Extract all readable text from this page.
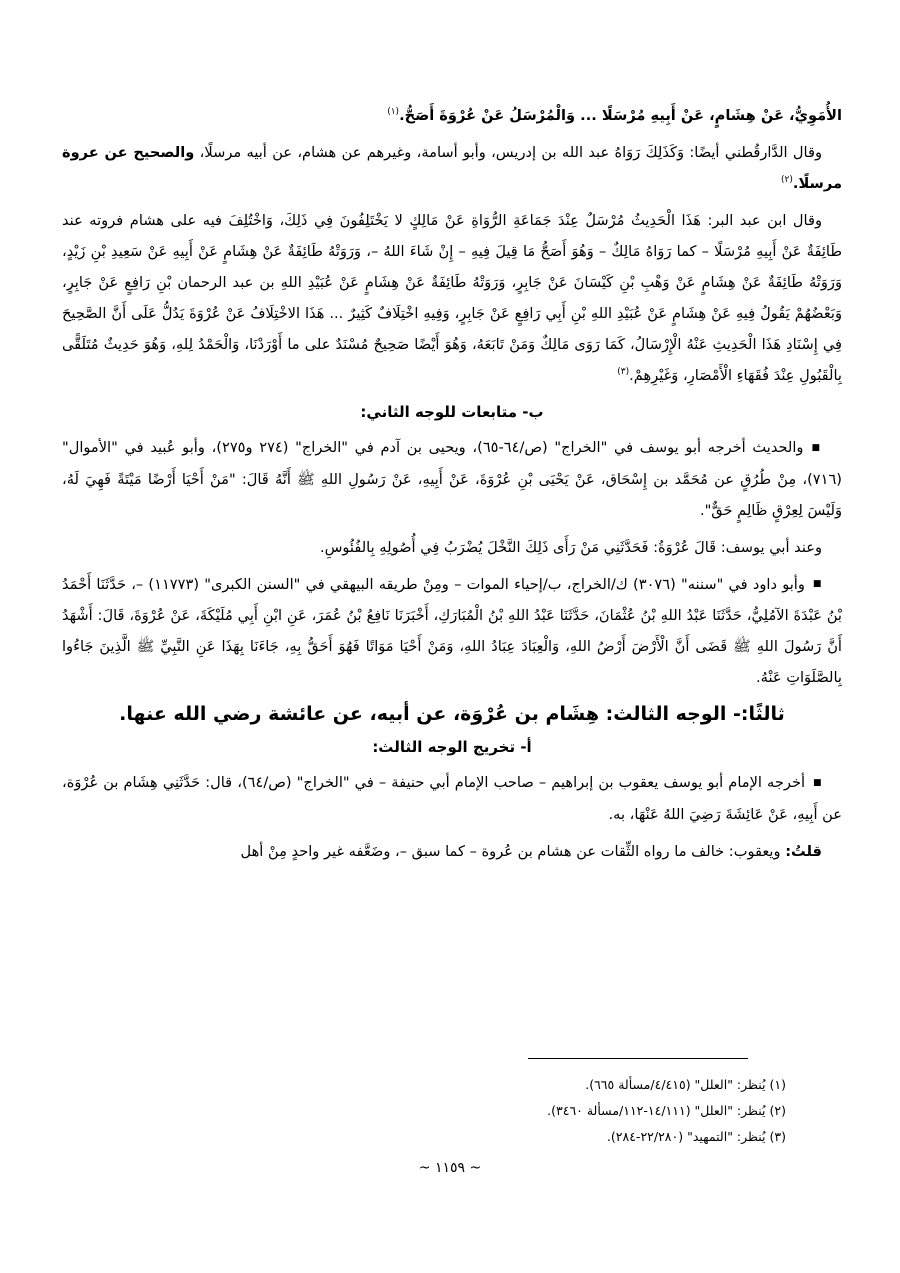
الأُمَوِيُّ، عَنْ هِشَامٍ، عَنْ أَبِيهِ مُرْسَلًا ... وَالْمُرْسَلُ عَنْ عُرْوَةَ أَصَحُّ.$^{(١)}$

وقال الدَّارقُطني أيضًا: وَكَذَلِكَ رَوَاهُ عبد الله بن إدريس، وأبو أسامة، وغيرهم عن هشام، عن أبيه مرسلًا، والصحيح عن عروة مرسلًا.$^{(٢)}$

وقال ابن عبد البر: هَذَا الْحَدِيثُ مُرْسَلٌ عِنْدَ جَمَاعَةِ الرُّوَاةِ عَنْ مَالِكٍ لا يَخْتَلِفُونَ فِي ذَلِكَ، وَاخْتُلِفَ فيه على هشام فروته عند طَائِفَةٌ عَنْ أَبِيهِ مُرْسَلًا – كما رَوَاهُ مَالِكٌ – وَهُوَ أَصَحُّ مَا قِيلَ فِيهِ – إِنْ شَاءَ اللهُ –، وَرَوَتْهُ طَائِفَةٌ عَنْ هِشَامٍ عَنْ أَبِيهِ عَنْ سَعِيدِ بْنِ زَيْدٍ، وَرَوَتْهُ طَائِفَةٌ عَنْ هِشَامٍ عَنْ وَهْبِ بْنِ كَيْسَانَ عَنْ جَابِرٍ، وَرَوَتْهُ طَائِفَةٌ عَنْ هِشَامٍ عَنْ عُبَيْدِ اللهِ بن عبد الرحمان بْنِ رَافِعٍ عَنْ جَابِرٍ، وَبَعْضُهُمْ يَقُولُ فِيهِ عَنْ هِشَامٍ عَنْ عُبَيْدِ اللهِ بْنِ أَبِي رَافِعٍ عَنْ جَابِرٍ، وَفِيهِ اخْتِلَافٌ كَثِيرٌ ... هَذَا الاخْتِلَافُ عَنْ عُرْوَةَ يَدُلُّ عَلَى أَنَّ الصَّحِيحَ فِي إِسْنَادِ هَذَا الْحَدِيثِ عَنْهُ الْإِرْسَالُ، كَمَا رَوَى مَالِكٌ وَمَنْ تَابَعَهُ، وَهُوَ أَيْضًا صَحِيحٌ مُسْنَدٌ على ما أَوْرَدْنَا، وَالْحَمْدُ لِلهِ، وَهُوَ حَدِيثٌ مُتَلَقًّى بِالْقَبُولِ عِنْدَ فُقَهَاءِ الْأَمْصَارِ، وَغَيْرِهِمْ.$^{(٣)}$

ب- متابعات للوجه الثاني:

■ والحديث أخرجه أبو يوسف في "الخراج" (ص/٦٤-٦٥)، ويحيى بن آدم في "الخراج" (٢٧٤ و٢٧٥)، وأبو عُبيد في "الأموال" (٧١٦)، مِنْ طُرُقٍ عن مُحَمَّد بن إِسْحَاق، عَنْ يَحْيَى بْنِ عُرْوَةَ، عَنْ أَبِيهِ، عَنْ رَسُولِ اللهِ ﷺ أَنَّهُ قَالَ: "مَنْ أَحْيَا أَرْضًا مَيْتَةً فَهِيَ لَهُ، وَلَيْسَ لِعِرْقٍ ظَالِمٍ حَقٌّ".

وعند أبي يوسف: قَالَ عُرْوَةُ: فَحَدَّثَنِي مَنْ رَأَى ذَلِكَ النَّخْلَ يُضْرَبُ فِي أُصُولِهِ بِالفُئُوسِ.

■ وأبو داود في "سننه" (٣٠٧٦) ك/الخراج، ب/إحياء الموات – ومِنْ طريقه البيهقي في "السنن الكبرى" (١١٧٧٣) –، حَدَّثَنَا أَحْمَدُ بْنُ عَبْدَةَ الآمُلِيُّ، حَدَّثَنَا عَبْدُ اللهِ بْنُ عُثْمَانَ، حَدَّثَنَا عَبْدُ اللهِ بْنُ الْمُبَارَكِ، أَخْبَرَنَا نَافِعُ بْنُ عُمَرَ، عَنِ ابْنِ أَبِي مُلَيْكَةَ، عَنْ عُرْوَةَ، قَالَ: أَشْهَدُ أَنَّ رَسُولَ اللهِ ﷺ قَضَى أَنَّ الْأَرْضَ أَرْضُ اللهِ، وَالْعِبَادَ عِبَادُ اللهِ، وَمَنْ أَحْيَا مَوَاتًا فَهُوَ أَحَقُّ بِهِ، جَاءَنَا بِهَذَا عَنِ النَّبِيِّ ﷺ الَّذِينَ جَاءُوا بِالصَّلَوَاتِ عَنْهُ.

ثالثًا:- الوجه الثالث: هِشَام بن عُرْوَة، عن أبيه، عن عائشة رضي الله عنها.
أ- تخريج الوجه الثالث:

■ أخرجه الإمام أبو يوسف يعقوب بن إبراهيم – صاحب الإمام أبي حنيفة – في "الخراج" (ص/٦٤)، قال: حَدَّثَنِي هِشَام بن عُرْوَة، عن أَبِيهِ، عَنْ عَائِشَةَ رَضِيَ اللهُ عَنْهَا، به.

قلتُ: ويعقوب: خالف ما رواه الثِّقات عن هشام بن عُروة – كما سبق –، وضَعَّفه غير واحدٍ مِنْ أهل

(١) يُنظر: "العلل" (٤/٤١٥/مسألة ٦٦٥).
(٢) يُنظر: "العلل" (١٤/١١١-١١٢/مسألة ٣٤٦٠).
(٣) يُنظر: "التمهيد" (٢٢/٢٨٠-٢٨٤).
~ ١١٥٩ ~
